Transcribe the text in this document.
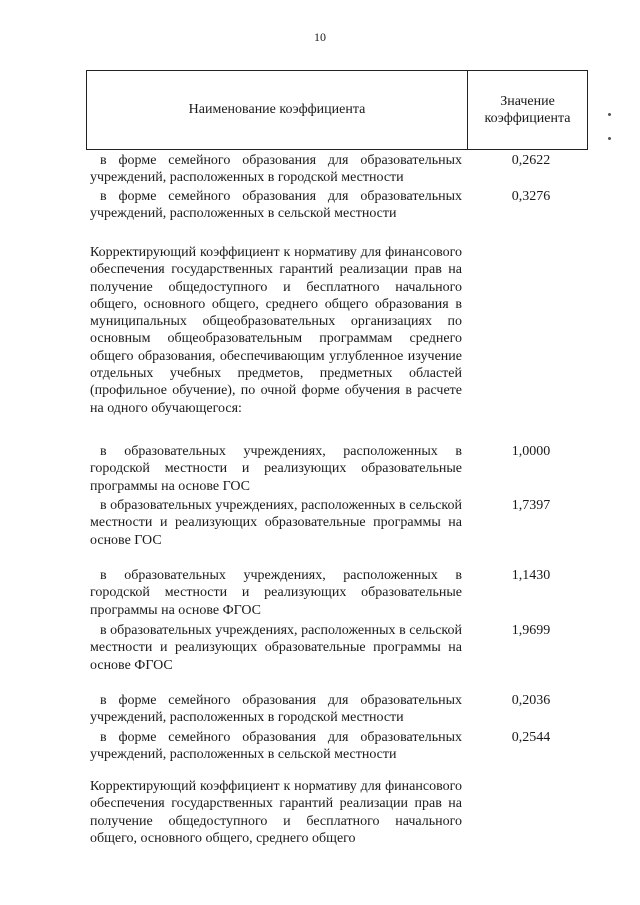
10
Наименование коэффициента
Значение коэффициента
в форме семейного образования для образовательных учреждений, расположенных в городской местности
0,2622
в форме семейного образования для образовательных учреждений, расположенных в сельской местности
0,3276
Корректирующий коэффициент к нормативу для финансового обеспечения государственных гарантий реализации прав на получение общедоступного и бесплатного начального общего, основного общего, среднего общего образования в муниципальных общеобразовательных организациях по основным общеобразовательным программам среднего общего образования, обеспечивающим углубленное изучение отдельных учебных предметов, предметных областей (профильное обучение), по очной форме обучения в расчете на одного обучающегося:
в образовательных учреждениях, расположенных в городской местности и реализующих образовательные программы на основе ГОС
1,0000
в образовательных учреждениях, расположенных в сельской местности и реализующих образовательные программы на основе ГОС
1,7397
в образовательных учреждениях, расположенных в городской местности и реализующих образовательные программы на основе ФГОС
1,1430
в образовательных учреждениях, расположенных в сельской местности и реализующих образовательные программы на основе ФГОС
1,9699
в форме семейного образования для образовательных учреждений, расположенных в городской местности
0,2036
в форме семейного образования для образовательных учреждений, расположенных в сельской местности
0,2544
Корректирующий коэффициент к нормативу для финансового обеспечения государственных гарантий реализации прав на получение общедоступного и бесплатного начального общего, основного общего, среднего общего
